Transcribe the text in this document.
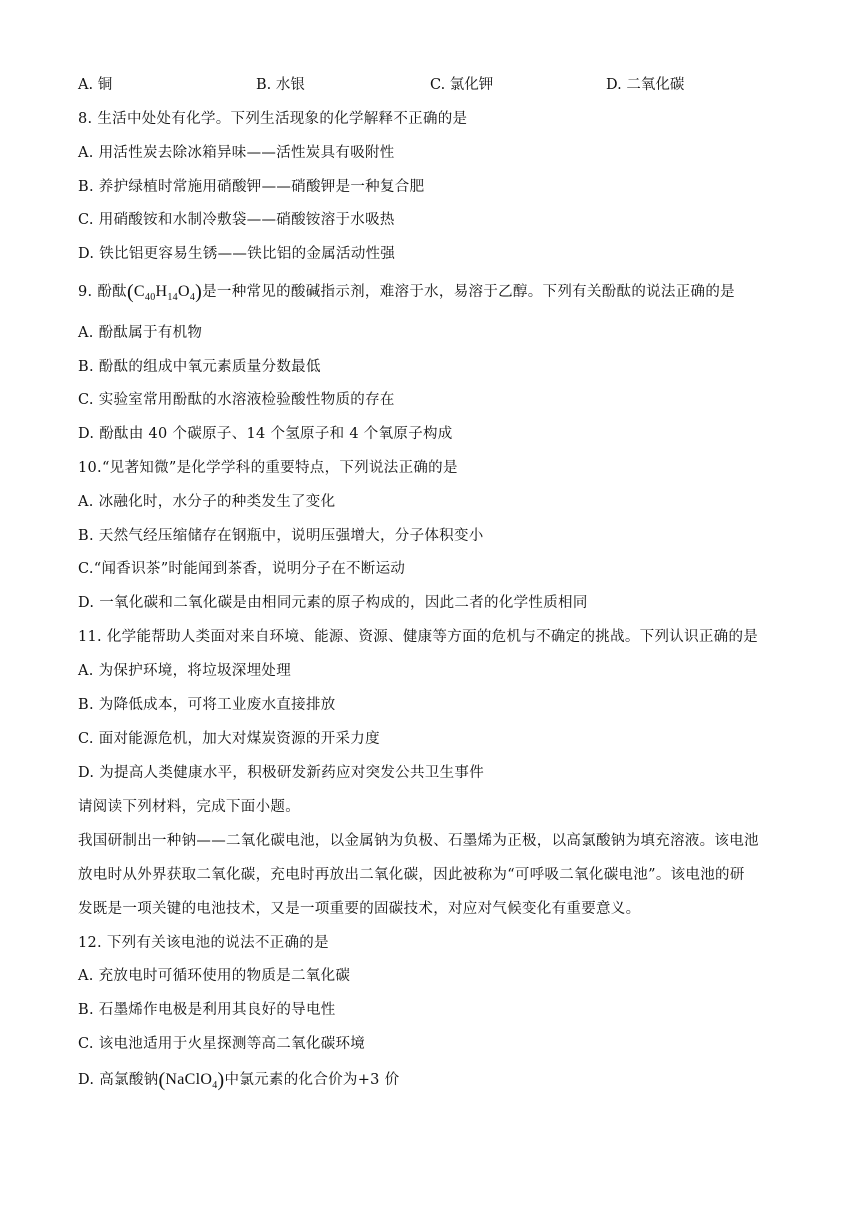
A. 铜	B. 水银	C. 氯化钾	D. 二氧化碳
8. 生活中处处有化学。下列生活现象的化学解释不正确的是
A. 用活性炭去除冰箱异味——活性炭具有吸附性
B. 养护绿植时常施用硝酸钾——硝酸钾是一种复合肥
C. 用硝酸铵和水制冷敷袋——硝酸铵溶于水吸热
D. 铁比铝更容易生锈——铁比铝的金属活动性强
9. 酚酞$(C_{40}H_{14}O_4)$是一种常见的酸碱指示剂，难溶于水，易溶于乙醇。下列有关酚酞的说法正确的是
A. 酚酞属于有机物
B. 酚酞的组成中氧元素质量分数最低
C. 实验室常用酚酞的水溶液检验酸性物质的存在
D. 酚酞由 40 个碳原子、14 个氢原子和 4 个氧原子构成
10.“见著知微”是化学学科的重要特点，下列说法正确的是
A. 冰融化时，水分子的种类发生了变化
B. 天然气经压缩储存在钢瓶中，说明压强增大，分子体积变小
C.“闻香识茶”时能闻到茶香，说明分子在不断运动
D. 一氧化碳和二氧化碳是由相同元素的原子构成的，因此二者的化学性质相同
11. 化学能帮助人类面对来自环境、能源、资源、健康等方面的危机与不确定的挑战。下列认识正确的是
A. 为保护环境，将垃圾深埋处理
B. 为降低成本，可将工业废水直接排放
C. 面对能源危机，加大对煤炭资源的开采力度
D. 为提高人类健康水平，积极研发新药应对突发公共卫生事件
请阅读下列材料，完成下面小题。
我国研制出一种钠——二氧化碳电池，以金属钠为负极、石墨烯为正极，以高氯酸钠为填充溶液。该电池
放电时从外界获取二氧化碳，充电时再放出二氧化碳，因此被称为“可呼吸二氧化碳电池”。该电池的研
发既是一项关键的电池技术，又是一项重要的固碳技术，对应对气候变化有重要意义。
12. 下列有关该电池的说法不正确的是
A. 充放电时可循环使用的物质是二氧化碳
B. 石墨烯作电极是利用其良好的导电性
C. 该电池适用于火星探测等高二氧化碳环境
D. 高氯酸钠(NaClO$_4$)中氯元素的化合价为+3 价
